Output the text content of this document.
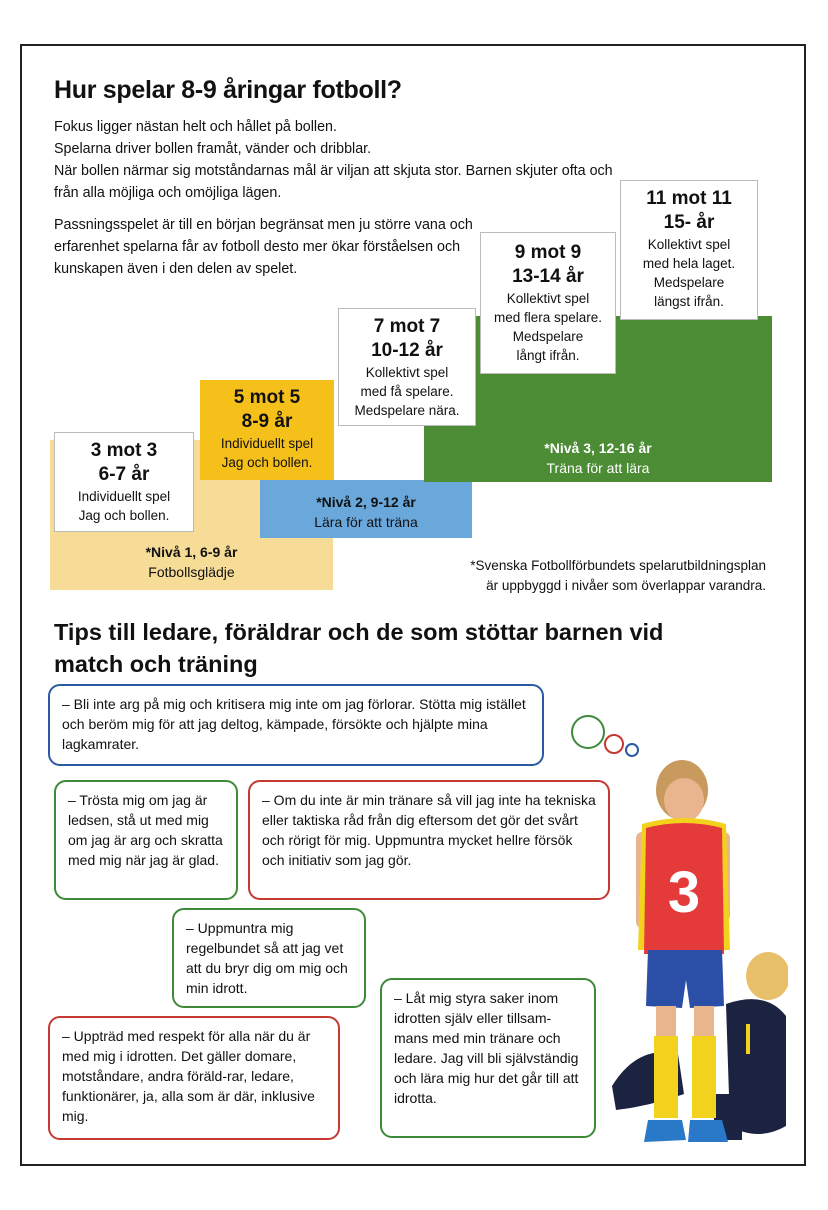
Hur spelar 8-9 åringar fotboll?

Fokus ligger nästan helt och hållet på bollen.

Spelarna driver bollen framåt, vänder och dribblar.

När bollen närmar sig motståndarnas mål är viljan att skjuta stor. Barnen skjuter ofta och från alla möjliga och omöjliga lägen.

Passningsspelet är till en början begränsat men ju större vana och erfarenhet spelarna får av fotboll desto mer ökar förståelsen och kunskapen även i den delen av spelet.
*Nivå 1, 6-9 år
Fotbollsglädje
*Nivå 2, 9-12 år
Lära för att träna
*Nivå 3, 12-16 år
Träna för att lära
3 mot 3
6-7 år
Individuellt spel
Jag och bollen.
5 mot 5
8-9 år
Individuellt spel
Jag och bollen.
7 mot 7
10-12 år
Kollektivt spel
med få spelare.
Medspelare nära.
9 mot 9
13-14 år
Kollektivt spel
med flera spelare.
Medspelare långt ifrån.
11 mot 11
15- år
Kollektivt spel
med hela laget.
Medspelare längst ifrån.
*Svenska Fotbollförbundets spelarutbildningsplan
är uppbyggd i nivåer som överlappar varandra.
Tips till ledare, föräldrar och de som stöttar barnen vid match och träning
– Bli inte arg på mig och kritisera mig inte om jag förlorar. Stötta mig istället och beröm mig för att jag deltog, kämpade, försökte och hjälpte mina lagkamrater.
– Trösta mig om jag är ledsen, stå ut med mig om jag är arg och skratta med mig när jag är glad.
– Om du inte är min tränare så vill jag inte ha tekniska eller taktiska råd från dig eftersom det gör det svårt och rörigt för mig. Uppmuntra mycket hellre försök och initiativ som jag gör.
– Uppmuntra mig regelbundet så att jag vet att du bryr dig om mig och min idrott.
– Uppträd med respekt för alla när du är med mig i idrotten. Det gäller domare, motståndare, andra föräld-rar, ledare, funktionärer, ja, alla som är där, inklusive mig.
– Låt mig styra saker inom idrotten själv eller tillsam-mans med min tränare och ledare. Jag vill bli självständig och lära mig hur det går till att idrotta.
3
